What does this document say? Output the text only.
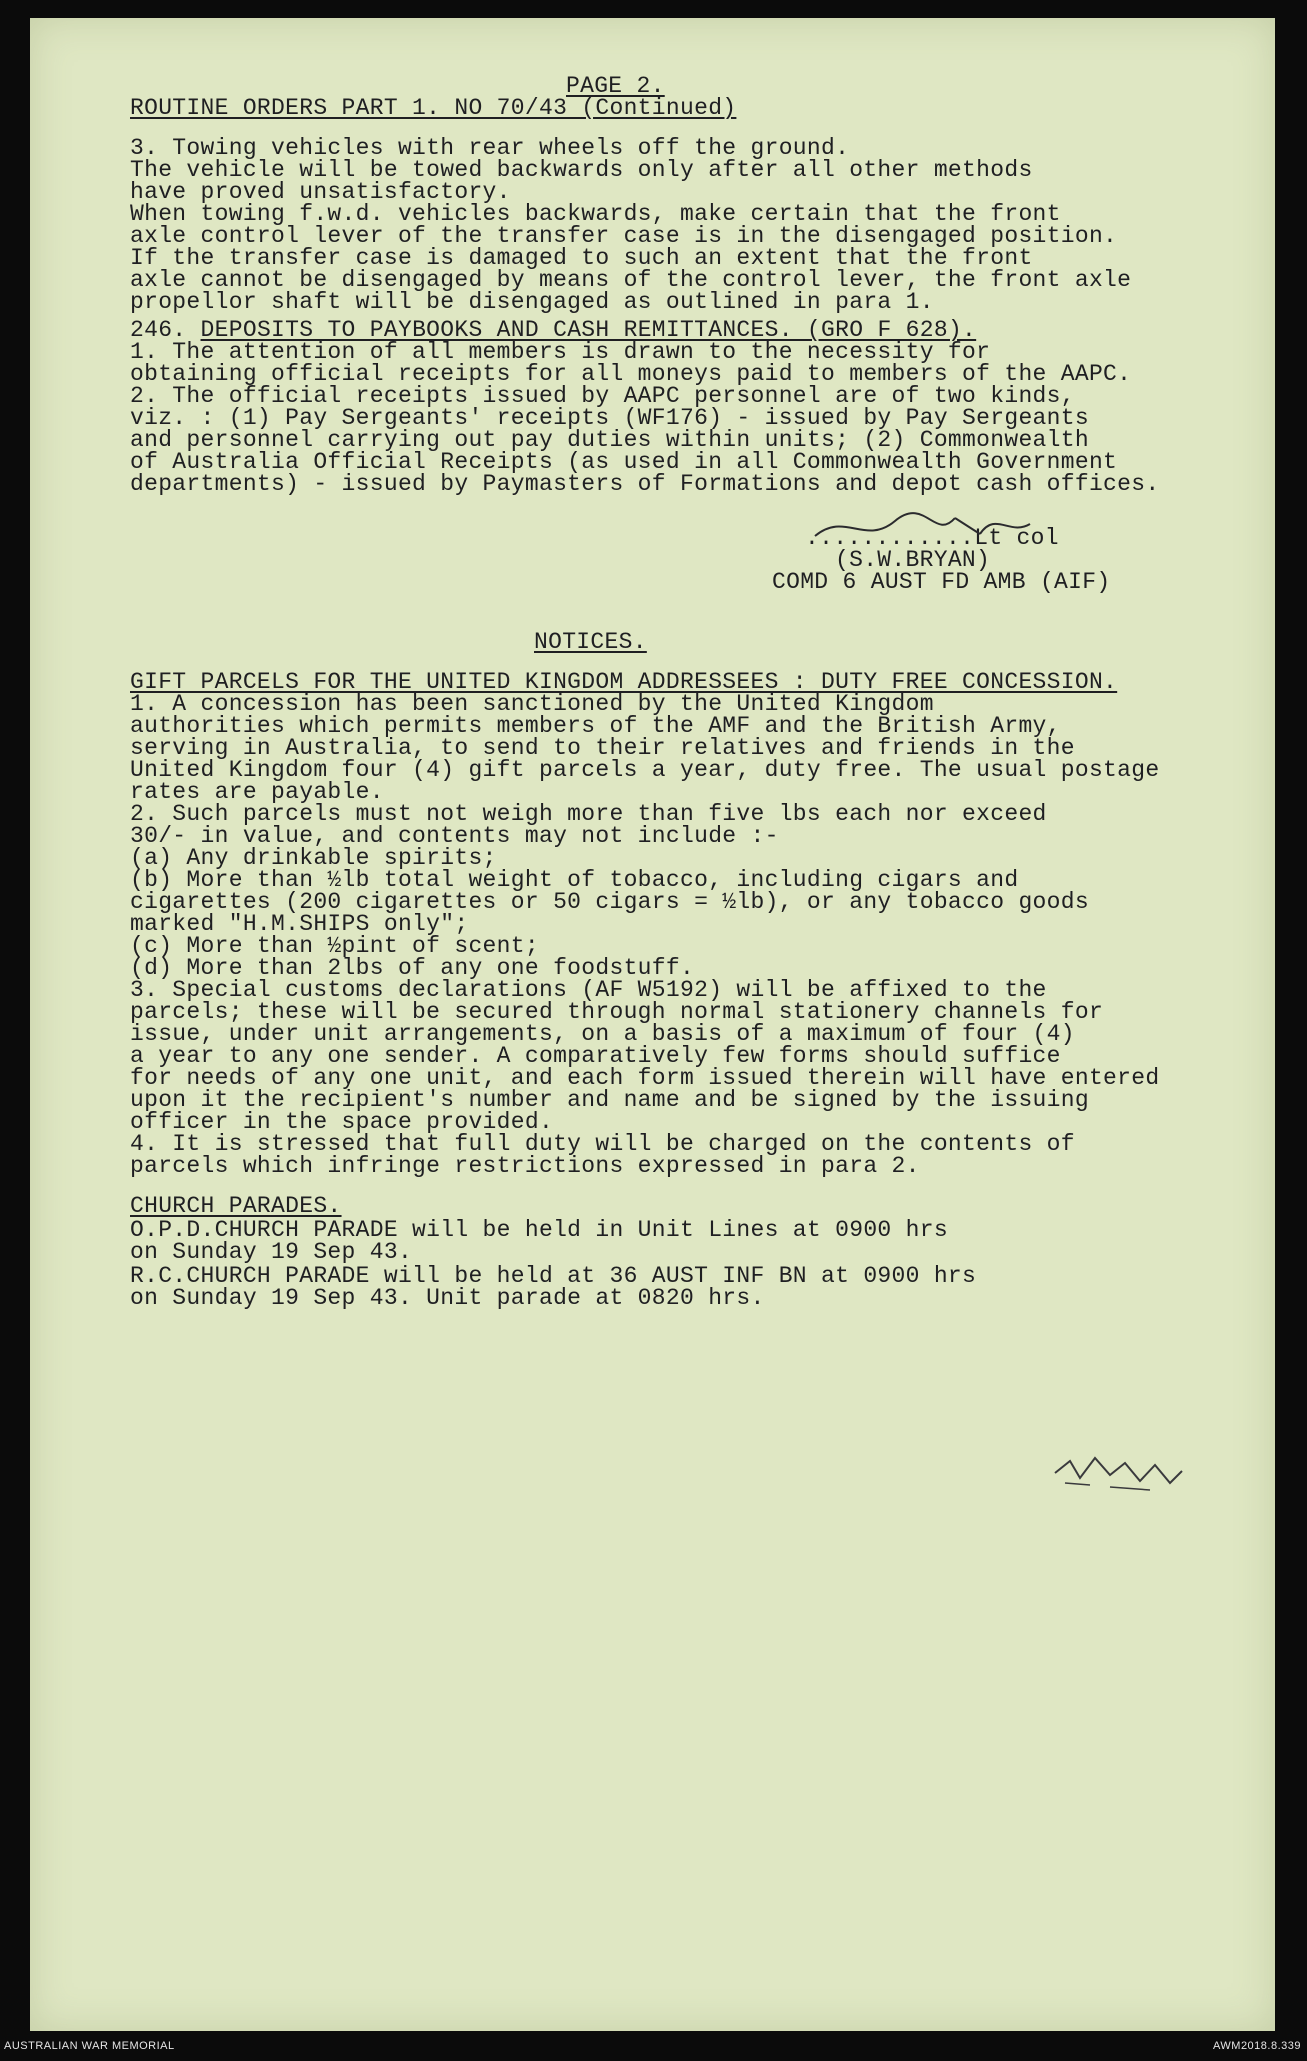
PAGE 2.
ROUTINE ORDERS PART 1. NO 70/43 (Continued)
3. Towing vehicles with rear wheels off the ground.
The vehicle will be towed backwards only after all other methods
have proved unsatisfactory.
When towing f.w.d. vehicles backwards, make certain that the front
axle control lever of the transfer case is in the disengaged position.
If the transfer case is damaged to such an extent that the front
axle cannot be disengaged by means of the control lever, the front axle
propellor shaft will be disengaged as outlined in para 1.
246. DEPOSITS TO PAYBOOKS AND CASH REMITTANCES. (GRO F 628).
1. The attention of all members is drawn to the necessity for
obtaining official receipts for all moneys paid to members of the AAPC.
2. The official receipts issued by AAPC personnel are of two kinds,
viz. : (1) Pay Sergeants' receipts (WF176) - issued by Pay Sergeants
and personnel carrying out pay duties within units; (2) Commonwealth
of Australia Official Receipts (as used in all Commonwealth Government
departments) - issued by Paymasters of Formations and depot cash offices.
............Lt col
(S.W.BRYAN)
COMD 6 AUST FD AMB (AIF)
NOTICES.
GIFT PARCELS FOR THE UNITED KINGDOM ADDRESSEES : DUTY FREE CONCESSION.
1. A concession has been sanctioned by the United Kingdom
authorities which permits members of the AMF and the British Army,
serving in Australia, to send to their relatives and friends in the
United Kingdom four (4) gift parcels a year, duty free. The usual postage
rates are payable.
2. Such parcels must not weigh more than five lbs each nor exceed
30/- in value, and contents may not include :-
(a) Any drinkable spirits;
(b) More than ½lb total weight of tobacco, including cigars and
cigarettes (200 cigarettes or 50 cigars = ½lb), or any tobacco goods
marked "H.M.SHIPS only";
(c) More than ½pint of scent;
(d) More than 2lbs of any one foodstuff.
3. Special customs declarations (AF W5192) will be affixed to the
parcels; these will be secured through normal stationery channels for
issue, under unit arrangements, on a basis of a maximum of four (4)
a year to any one sender. A comparatively few forms should suffice
for needs of any one unit, and each form issued therein will have entered
upon it the recipient's number and name and be signed by the issuing
officer in the space provided.
4. It is stressed that full duty will be charged on the contents of
parcels which infringe restrictions expressed in para 2.
CHURCH PARADES.
O.P.D.CHURCH PARADE will be held in Unit Lines at 0900 hrs
on Sunday 19 Sep 43.
R.C.CHURCH PARADE will be held at 36 AUST INF BN at 0900 hrs
on Sunday 19 Sep 43. Unit parade at 0820 hrs.
AUSTRALIAN WAR MEMORIAL	AWM2018.8.339
